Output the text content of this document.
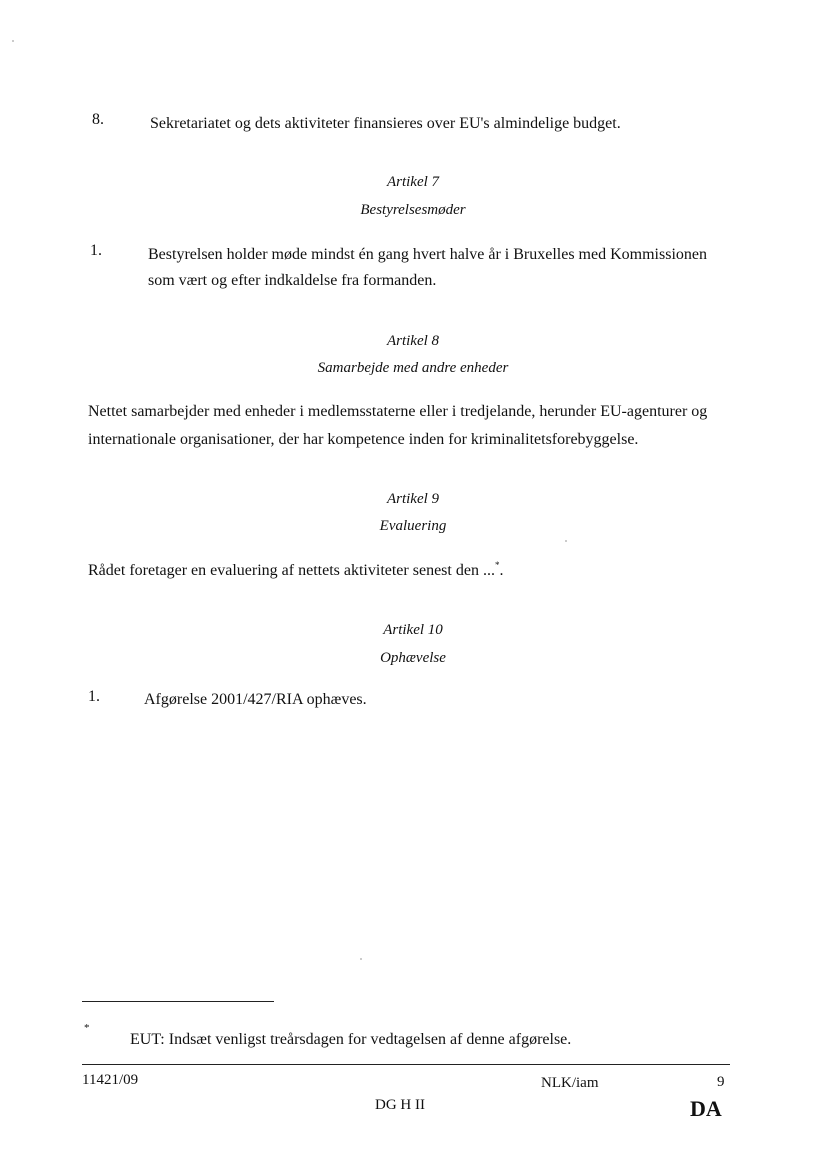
8.	Sekretariatet og dets aktiviteter finansieres over EU's almindelige budget.
Artikel 7
Bestyrelsesmøder
1.	Bestyrelsen holder møde mindst én gang hvert halve år i Bruxelles med Kommissionen
som vært og efter indkaldelse fra formanden.
Artikel 8
Samarbejde med andre enheder
Nettet samarbejder med enheder i medlemsstaterne eller i tredjelande, herunder EU-agenturer og
internationale organisationer, der har kompetence inden for kriminalitetsforebyggelse.
Artikel 9
Evaluering
Rådet foretager en evaluering af nettets aktiviteter senest den ...*.
Artikel 10
Ophævelse
1.	Afgørelse 2001/427/RIA ophæves.
*
EUT: Indsæt venligst treårsdagen for vedtagelsen af denne afgørelse.
11421/09	NLK/iam	9
DG H II	DA
